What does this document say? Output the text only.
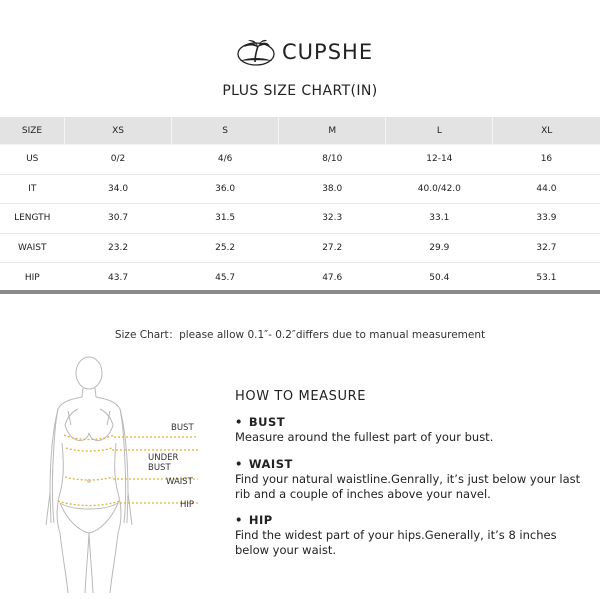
CUPSHE
PLUS SIZE CHART(IN)
SIZE	XS	S	M	L	XL
US	0/2	4/6	8/10	12-14	16
IT	34.0	36.0	38.0	40.0/42.0	44.0
LENGTH	30.7	31.5	32.3	33.1	33.9
WAIST	23.2	25.2	27.2	29.9	32.7
HIP	43.7	45.7	47.6	50.4	53.1
Size Chart：please allow 0.1″- 0.2″differs due to manual measurement
BUST
UNDER BUST
WAIST
HIP
HOW TO MEASURE
• BUST
Measure around the fullest part of your bust.
• WAIST
Find your natural waistline.Genrally, it’s just below your last rib and a couple of inches above your navel.
• HIP
Find the widest part of your hips.Generally, it’s 8 inches below your waist.
